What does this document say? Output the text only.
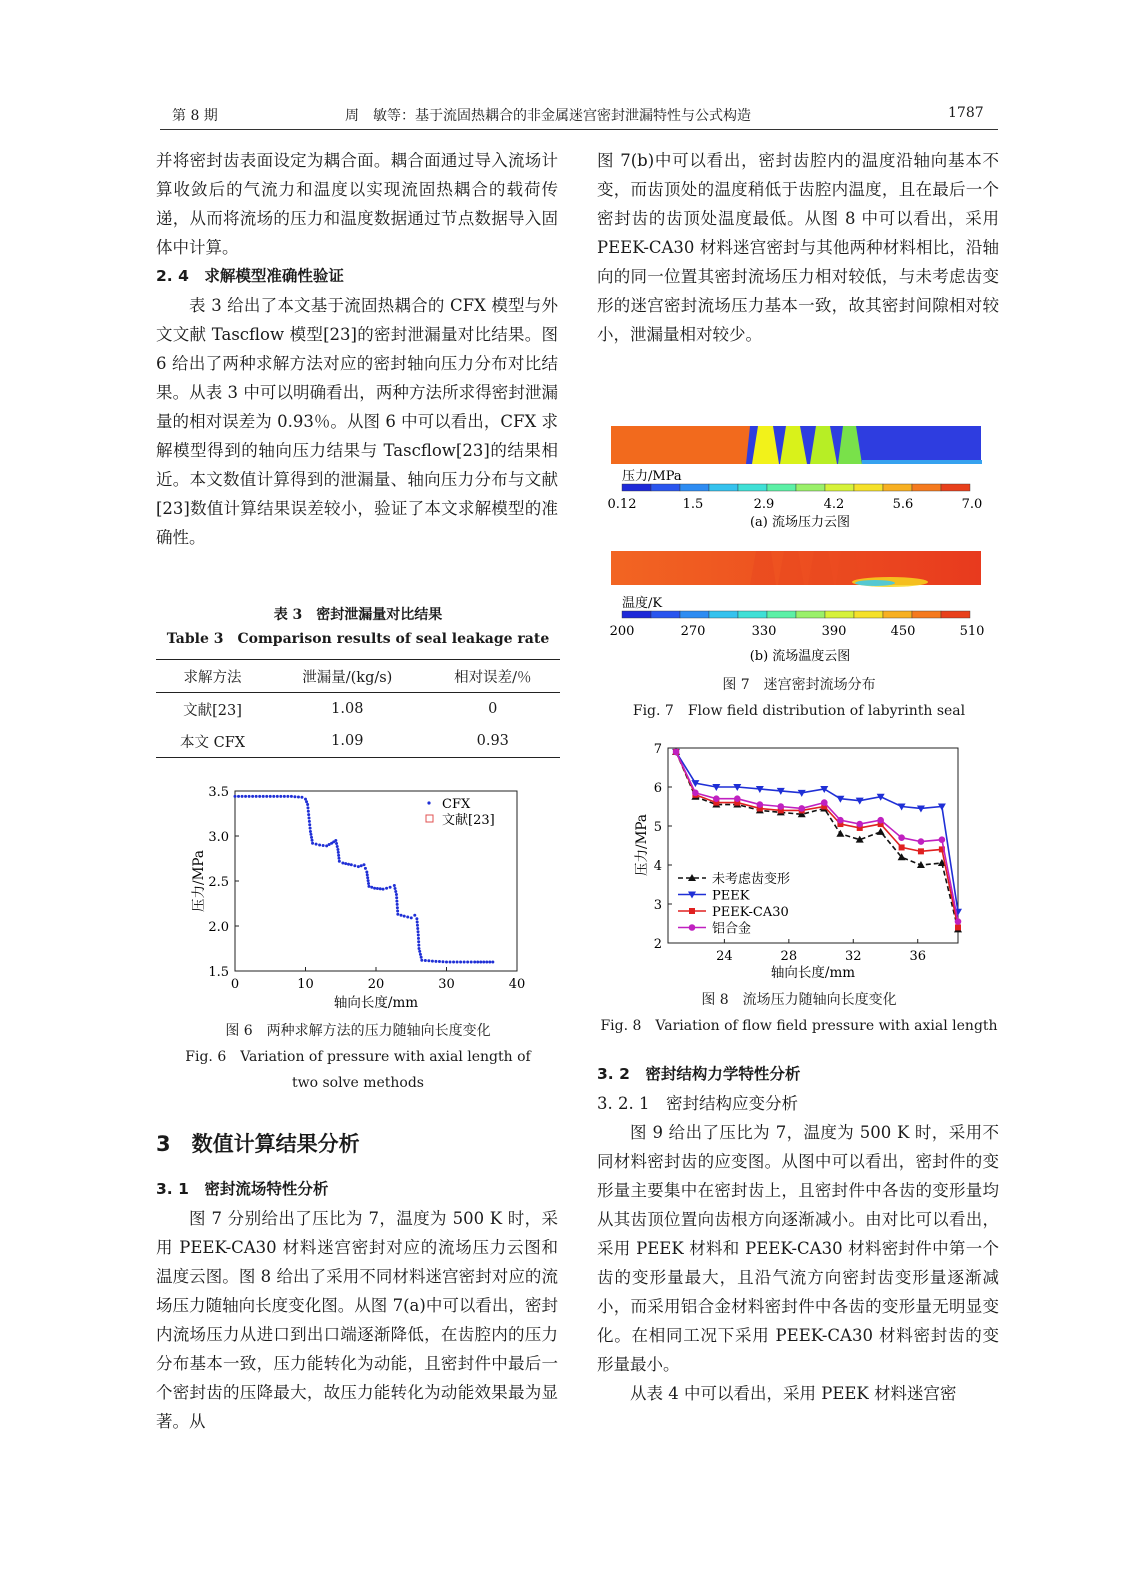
第 8 期	周　敏等：基于流固热耦合的非金属迷宫密封泄漏特性与公式构造	1787

并将密封齿表面设定为耦合面。耦合面通过导入流场计算收敛后的气流力和温度以实现流固热耦合的载荷传递，从而将流场的压力和温度数据通过节点数据导入固体中计算。

2. 4　求解模型准确性验证

表 3 给出了本文基于流固热耦合的 CFX 模型与外文文献 Tascflow 模型[23]的密封泄漏量对比结果。图 6 给出了两种求解方法对应的密封轴向压力分布对比结果。从表 3 中可以明确看出，两种方法所求得密封泄漏量的相对误差为 0.93％。从图 6 中可以看出，CFX 求解模型得到的轴向压力结果与 Tascflow[23]的结果相近。本文数值计算得到的泄漏量、轴向压力分布与文献[23]数值计算结果误差较小，验证了本文求解模型的准确性。

表 3　密封泄漏量对比结果

Table 3　Comparison results of seal leakage rate

求解方法	泄漏量/(kg/s)	相对误差/％
文献[23]	1.08	0
本文 CFX	1.09	0.93
0	10	20	30	40
1.5
2.0
2.5
3.0
3.5
CFX
文献[23]
轴向长度/mm
压力/MPa

图 6　两种求解方法的压力随轴向长度变化

Fig. 6　Variation of pressure with axial length of

two solve methods

3　数值计算结果分析

3. 1　密封流场特性分析

图 7 分别给出了压比为 7，温度为 500 K 时，采用 PEEK-CA30 材料迷宫密封对应的流场压力云图和温度云图。图 8 给出了采用不同材料迷宫密封对应的流场压力随轴向长度变化图。从图 7(a)中可以看出，密封内流场压力从进口到出口端逐渐降低，在齿腔内的压力分布基本一致，压力能转化为动能，且密封件中最后一个密封齿的压降最大，故压力能转化为动能效果最为显著。从

图 7(b)中可以看出，密封齿腔内的温度沿轴向基本不变，而齿顶处的温度稍低于齿腔内温度，且在最后一个密封齿的齿顶处温度最低。从图 8 中可以看出，采用 PEEK-CA30 材料迷宫密封与其他两种材料相比，沿轴向的同一位置其密封流场压力相对较低，与未考虑齿变形的迷宫密封流场压力基本一致，故其密封间隙相对较小，泄漏量相对较少。

压力/MPa
0.12	1.5	2.9	4.2	5.6	7.0
(a) 流场压力云图
温度/K
200	270	330	390	450	510
(b) 流场温度云图

图 7　迷宫密封流场分布

Fig. 7　Flow field distribution of labyrinth seal

24	28	32	36
2
3
4
5
6
7
未考虑齿变形
PEEK
PEEK-CA30
铝合金
轴向长度/mm
压力/MPa

图 8　流场压力随轴向长度变化

Fig. 8　Variation of flow field pressure with axial length

3. 2　密封结构力学特性分析

3. 2. 1　密封结构应变分析

图 9 给出了压比为 7，温度为 500 K 时，采用不同材料密封齿的应变图。从图中可以看出，密封件的变形量主要集中在密封齿上，且密封件中各齿的变形量均从其齿顶位置向齿根方向逐渐减小。由对比可以看出，采用 PEEK 材料和 PEEK-CA30 材料密封件中第一个齿的变形量最大，且沿气流方向密封齿变形量逐渐减小，而采用铝合金材料密封件中各齿的变形量无明显变化。在相同工况下采用 PEEK-CA30 材料密封齿的变形量最小。

从表 4 中可以看出，采用 PEEK 材料迷宫密
